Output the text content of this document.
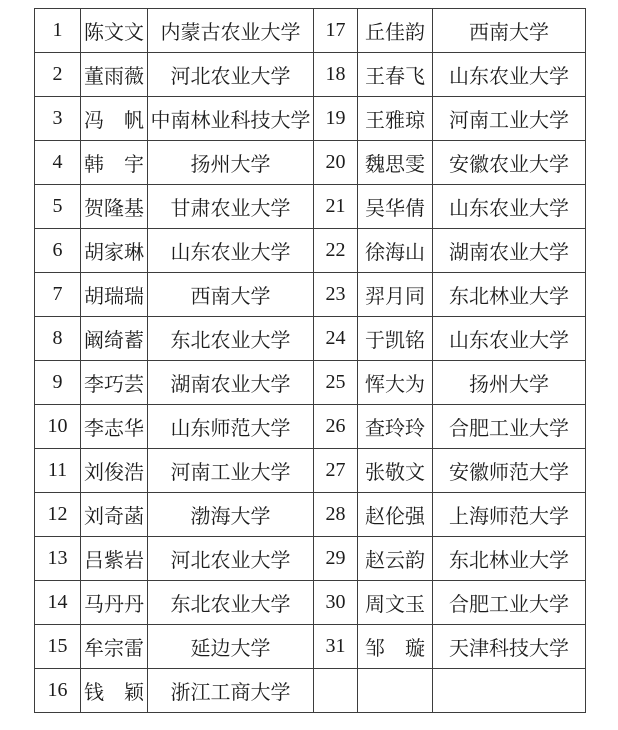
1	陈文文	内蒙古农业大学	17	丘佳韵	西南大学
2	董雨薇	河北农业大学	18	王春飞	山东农业大学
3	冯　帆	中南林业科技大学	19	王雅琼	河南工业大学
4	韩　宇	扬州大学	20	魏思雯	安徽农业大学
5	贺隆基	甘肃农业大学	21	吴华倩	山东农业大学
6	胡家琳	山东农业大学	22	徐海山	湖南农业大学
7	胡瑞瑞	西南大学	23	羿月同	东北林业大学
8	阚绮蓄	东北农业大学	24	于凯铭	山东农业大学
9	李巧芸	湖南农业大学	25	恽大为	扬州大学
10	李志华	山东师范大学	26	查玲玲	合肥工业大学
11	刘俊浩	河南工业大学	27	张敬文	安徽师范大学
12	刘奇菡	渤海大学	28	赵伦强	上海师范大学
13	吕紫岩	河北农业大学	29	赵云韵	东北林业大学
14	马丹丹	东北农业大学	30	周文玉	合肥工业大学
15	牟宗雷	延边大学	31	邹　璇	天津科技大学
16	钱　颖	浙江工商大学			
